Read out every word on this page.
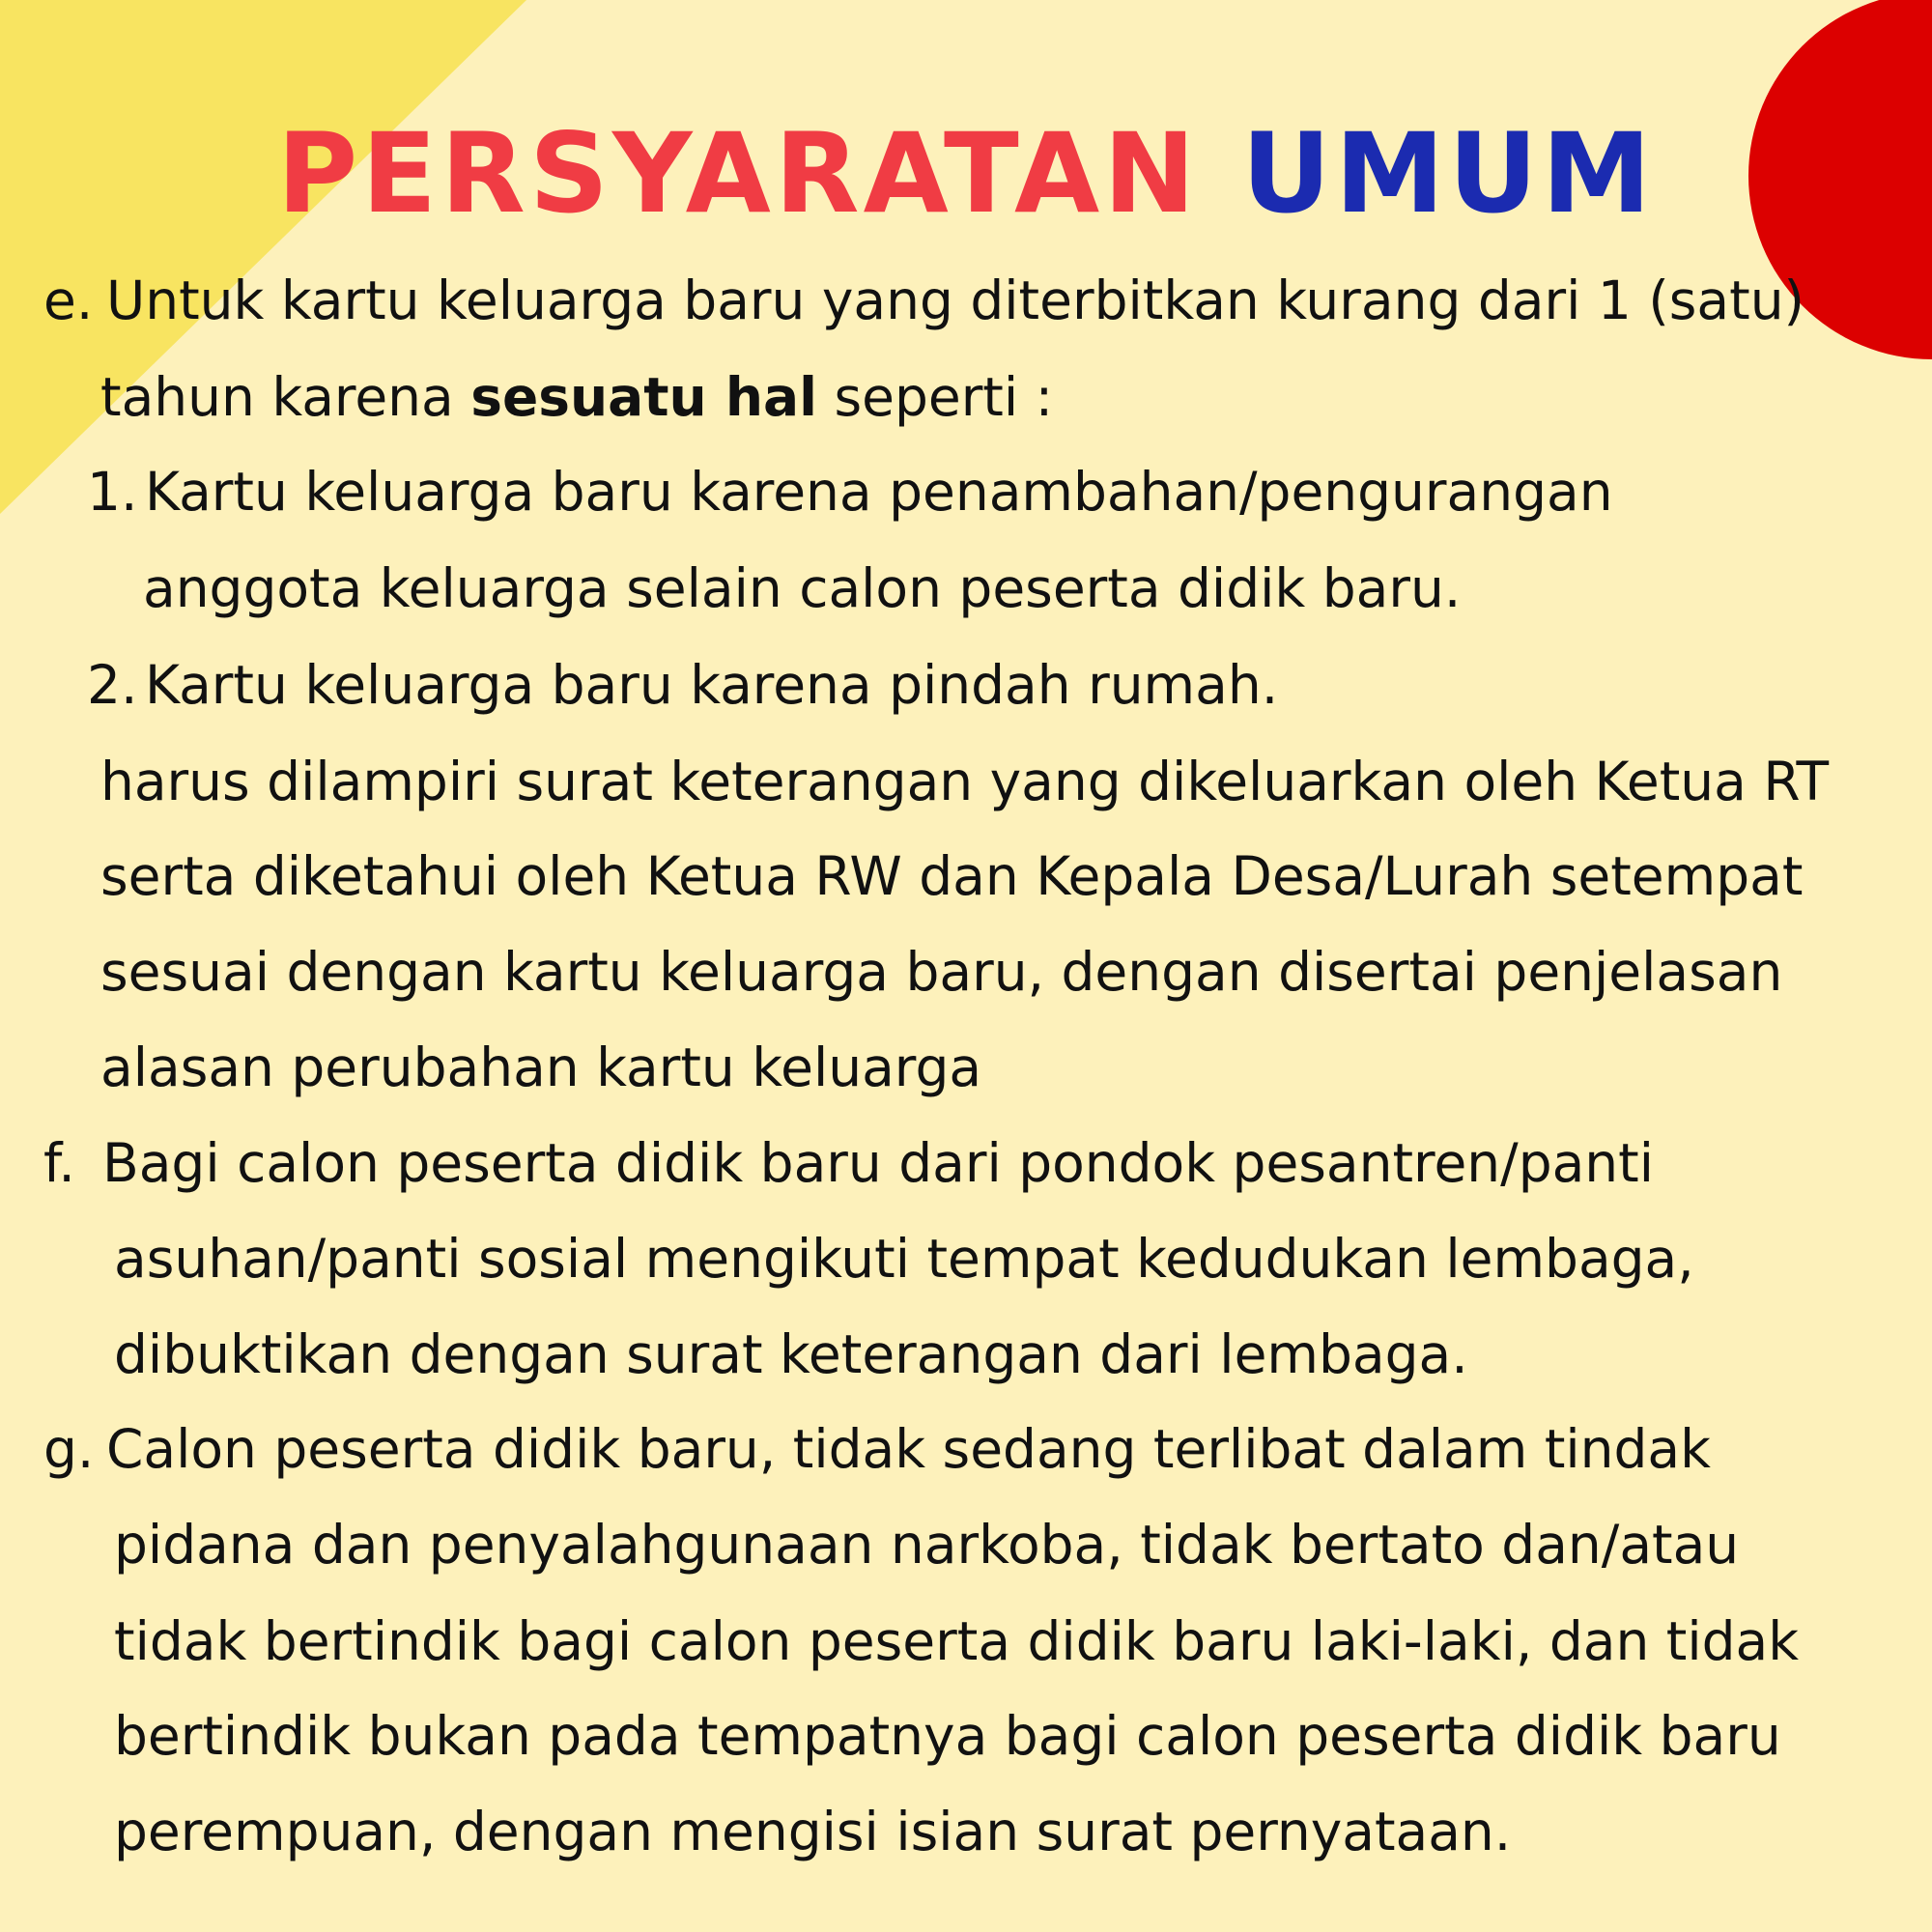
PERSYARATAN UMUM
e. Untuk kartu keluarga baru yang diterbitkan kurang dari 1 (satu)
tahun karena sesuatu hal seperti :
1. Kartu keluarga baru karena penambahan/pengurangan
anggota keluarga selain calon peserta didik baru.
2. Kartu keluarga baru karena pindah rumah.
harus dilampiri surat keterangan yang dikeluarkan oleh Ketua RT
serta diketahui oleh Ketua RW dan Kepala Desa/Lurah setempat
sesuai dengan kartu keluarga baru, dengan disertai penjelasan
alasan perubahan kartu keluarga
f. Bagi calon peserta didik baru dari pondok pesantren/panti
asuhan/panti sosial mengikuti tempat kedudukan lembaga,
dibuktikan dengan surat keterangan dari lembaga.
g. Calon peserta didik baru, tidak sedang terlibat dalam tindak
pidana dan penyalahgunaan narkoba, tidak bertato dan/atau
tidak bertindik bagi calon peserta didik baru laki-laki, dan tidak
bertindik bukan pada tempatnya bagi calon peserta didik baru
perempuan, dengan mengisi isian surat pernyataan.
